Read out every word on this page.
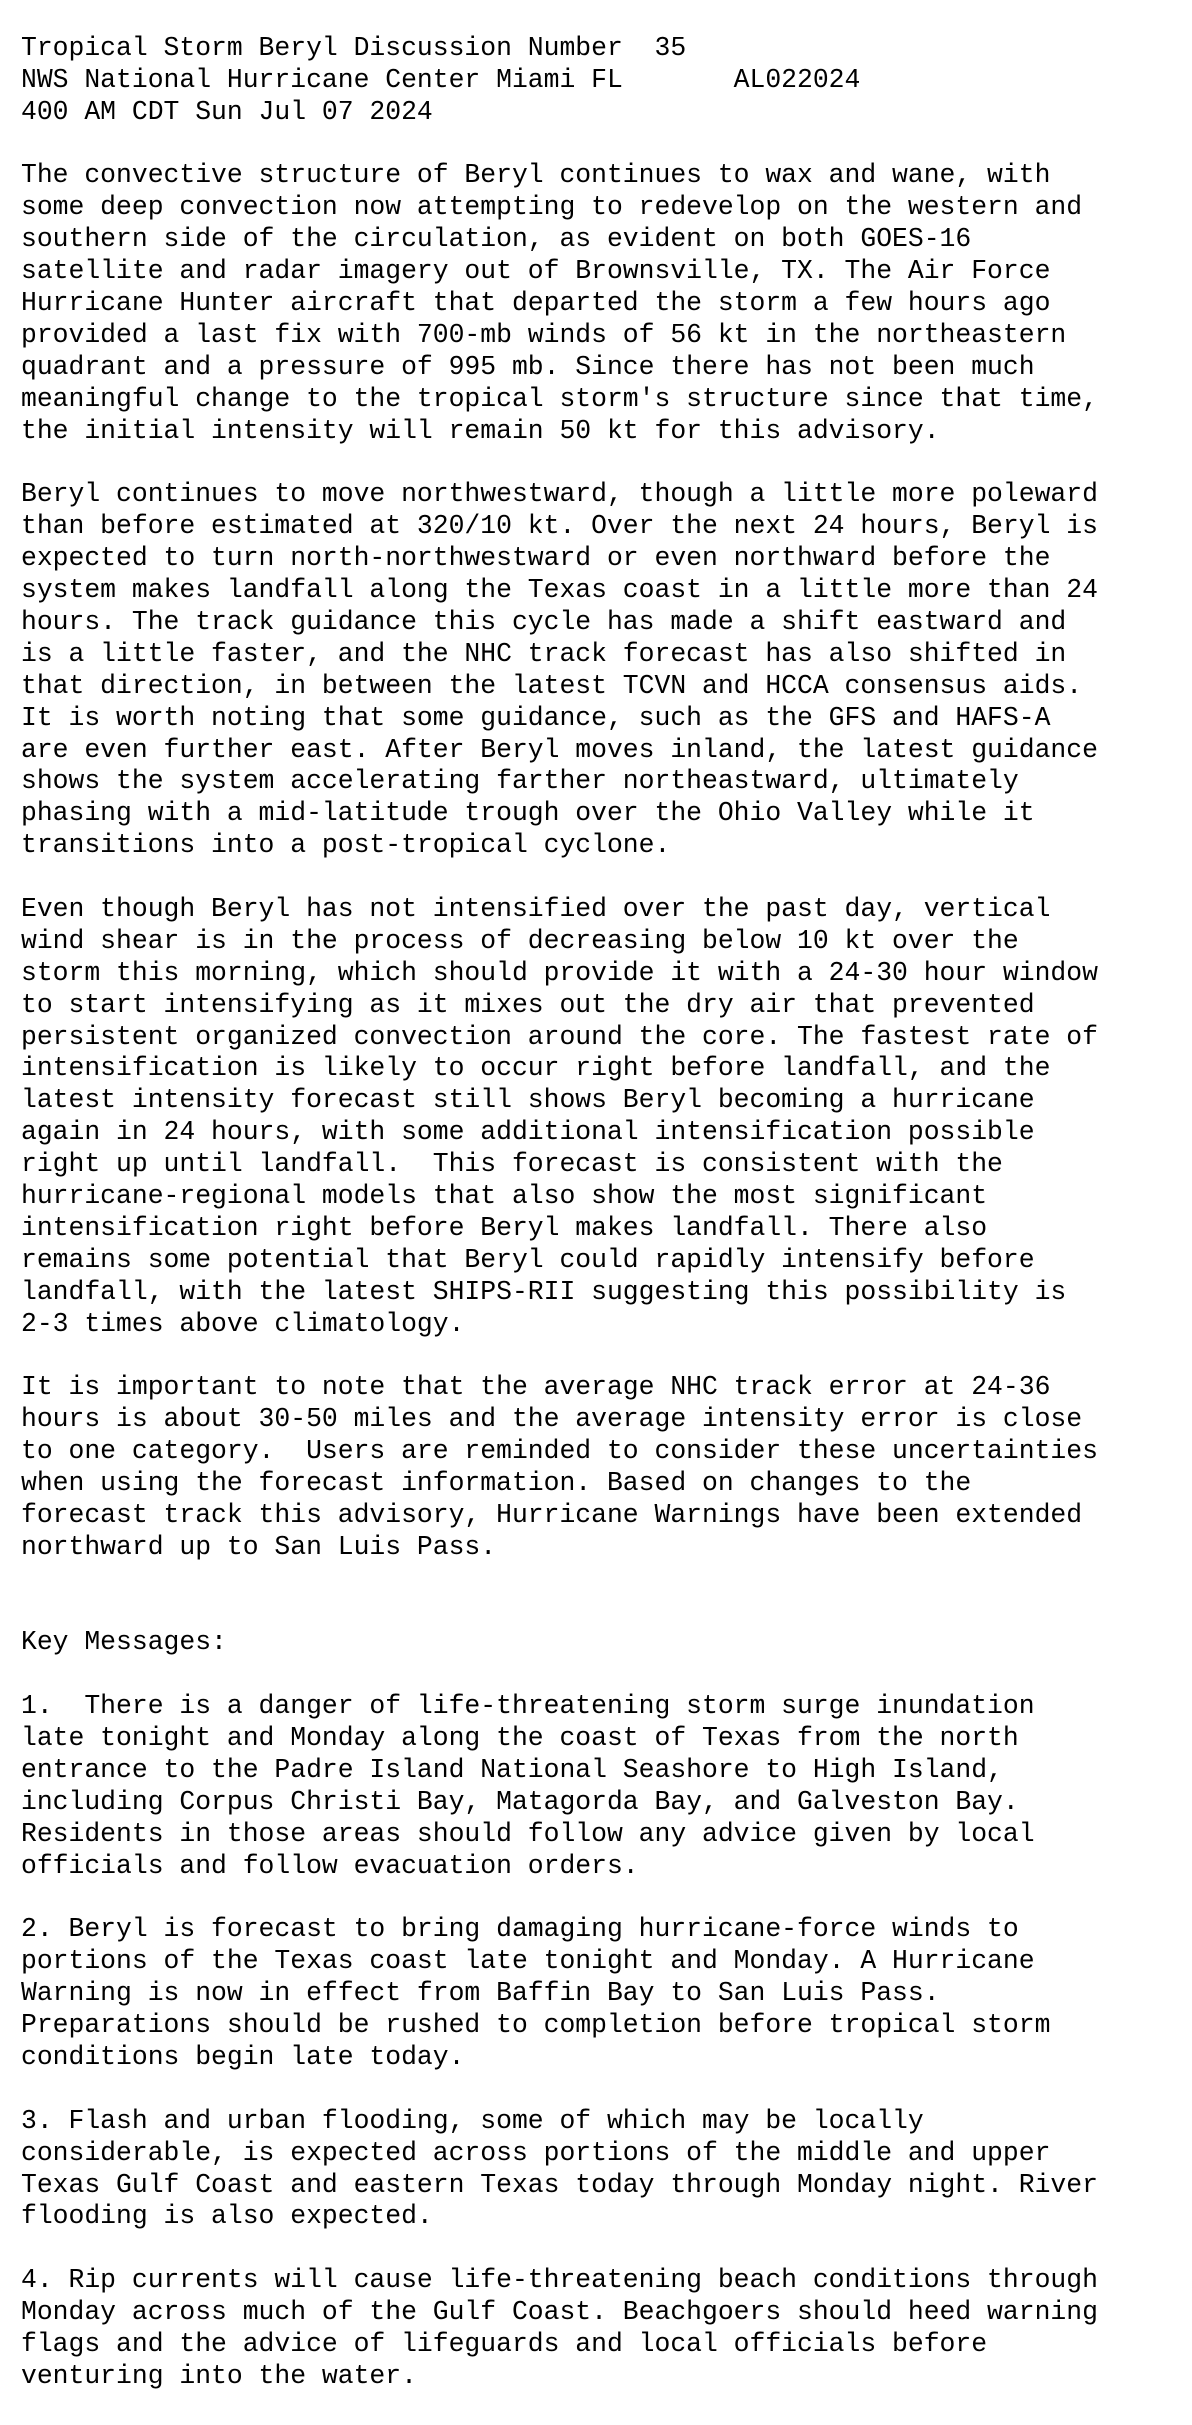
Tropical Storm Beryl Discussion Number  35
NWS National Hurricane Center Miami FL       AL022024
400 AM CDT Sun Jul 07 2024
The convective structure of Beryl continues to wax and wane, with
some deep convection now attempting to redevelop on the western and
southern side of the circulation, as evident on both GOES-16
satellite and radar imagery out of Brownsville, TX. The Air Force
Hurricane Hunter aircraft that departed the storm a few hours ago
provided a last fix with 700-mb winds of 56 kt in the northeastern
quadrant and a pressure of 995 mb. Since there has not been much
meaningful change to the tropical storm's structure since that time,
the initial intensity will remain 50 kt for this advisory.
Beryl continues to move northwestward, though a little more poleward
than before estimated at 320/10 kt. Over the next 24 hours, Beryl is
expected to turn north-northwestward or even northward before the
system makes landfall along the Texas coast in a little more than 24
hours. The track guidance this cycle has made a shift eastward and
is a little faster, and the NHC track forecast has also shifted in
that direction, in between the latest TCVN and HCCA consensus aids.
It is worth noting that some guidance, such as the GFS and HAFS-A
are even further east. After Beryl moves inland, the latest guidance
shows the system accelerating farther northeastward, ultimately
phasing with a mid-latitude trough over the Ohio Valley while it
transitions into a post-tropical cyclone.
Even though Beryl has not intensified over the past day, vertical
wind shear is in the process of decreasing below 10 kt over the
storm this morning, which should provide it with a 24-30 hour window
to start intensifying as it mixes out the dry air that prevented
persistent organized convection around the core. The fastest rate of
intensification is likely to occur right before landfall, and the
latest intensity forecast still shows Beryl becoming a hurricane
again in 24 hours, with some additional intensification possible
right up until landfall.  This forecast is consistent with the
hurricane-regional models that also show the most significant
intensification right before Beryl makes landfall. There also
remains some potential that Beryl could rapidly intensify before
landfall, with the latest SHIPS-RII suggesting this possibility is
2-3 times above climatology.
It is important to note that the average NHC track error at 24-36
hours is about 30-50 miles and the average intensity error is close
to one category.  Users are reminded to consider these uncertainties
when using the forecast information. Based on changes to the
forecast track this advisory, Hurricane Warnings have been extended
northward up to San Luis Pass.
Key Messages:
1.  There is a danger of life-threatening storm surge inundation
late tonight and Monday along the coast of Texas from the north
entrance to the Padre Island National Seashore to High Island,
including Corpus Christi Bay, Matagorda Bay, and Galveston Bay.
Residents in those areas should follow any advice given by local
officials and follow evacuation orders.
2. Beryl is forecast to bring damaging hurricane-force winds to
portions of the Texas coast late tonight and Monday. A Hurricane
Warning is now in effect from Baffin Bay to San Luis Pass.
Preparations should be rushed to completion before tropical storm
conditions begin late today.
3. Flash and urban flooding, some of which may be locally
considerable, is expected across portions of the middle and upper
Texas Gulf Coast and eastern Texas today through Monday night. River
flooding is also expected.
4. Rip currents will cause life-threatening beach conditions through
Monday across much of the Gulf Coast. Beachgoers should heed warning
flags and the advice of lifeguards and local officials before
venturing into the water.
